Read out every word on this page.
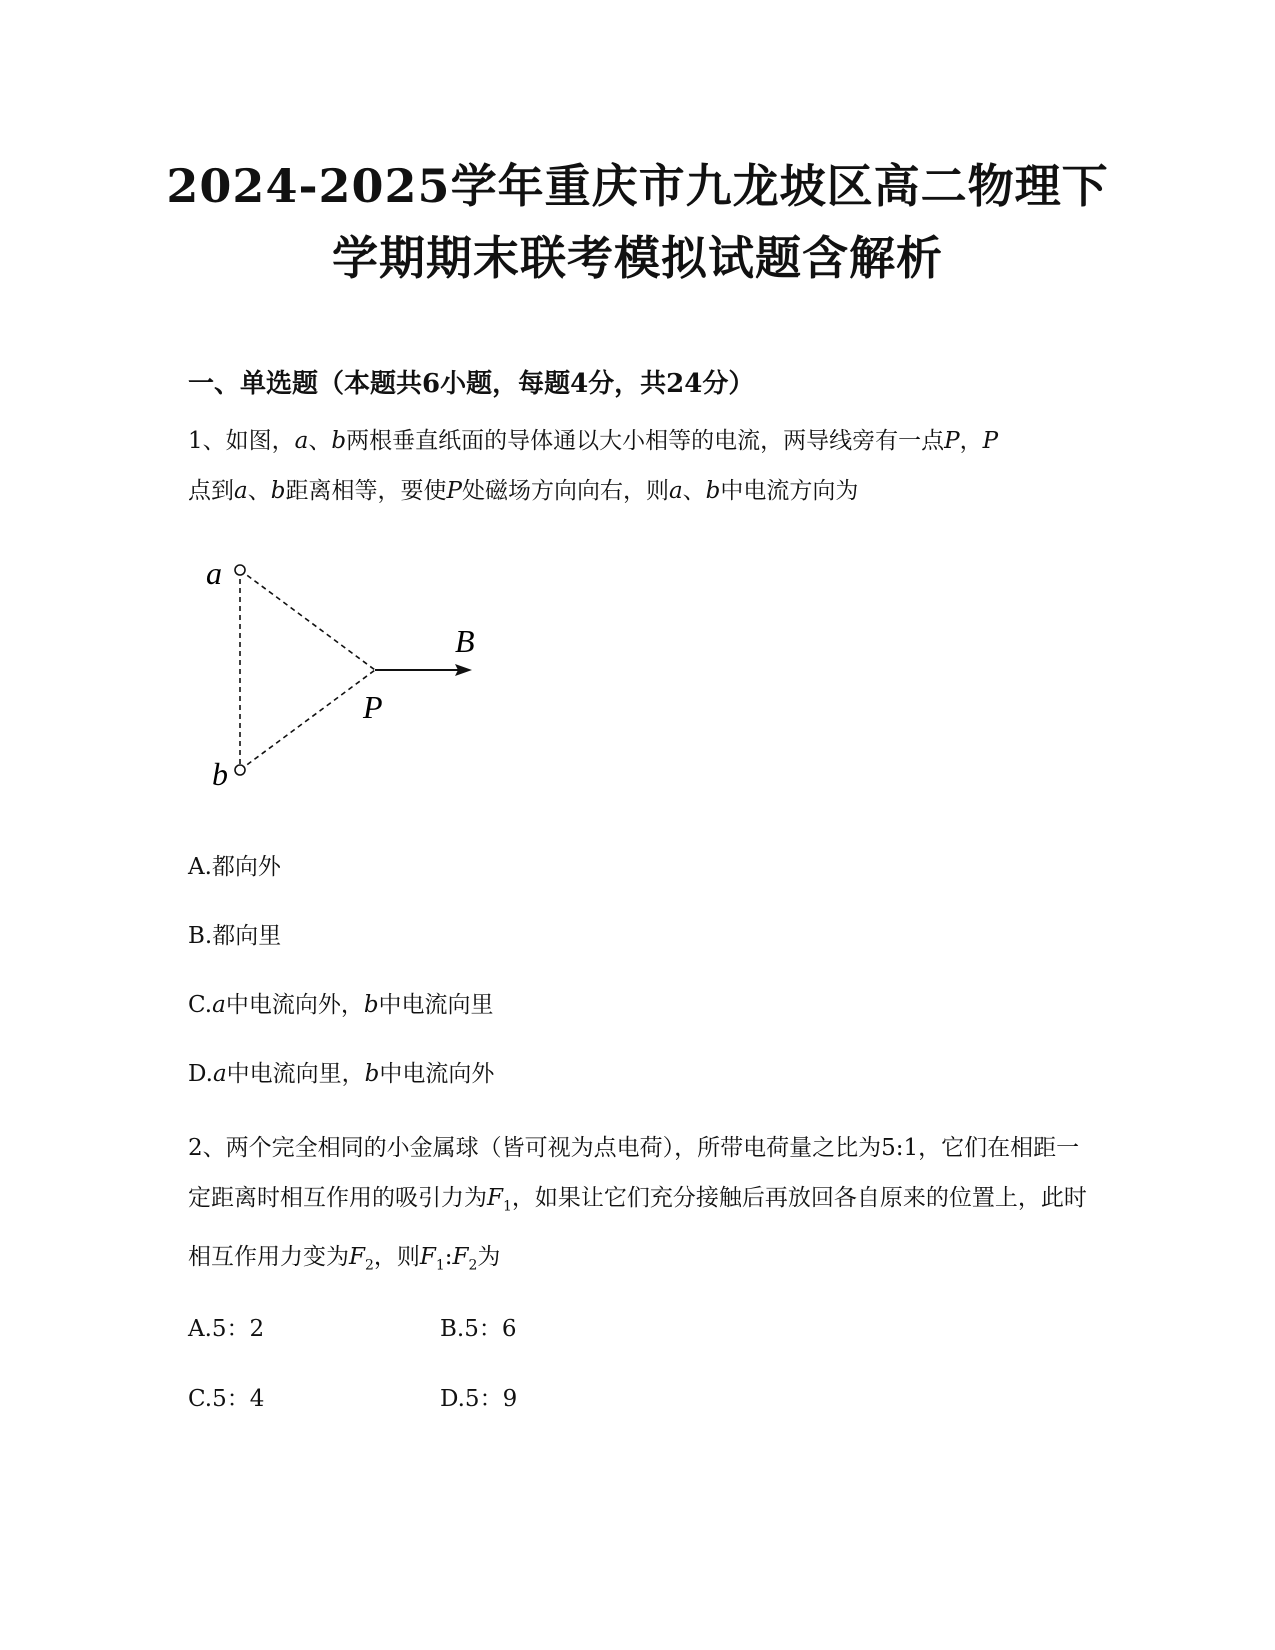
2024-2025学年重庆市九龙坡区高二物理下
学期期末联考模拟试题含解析
一、单选题（本题共6小题，每题4分，共24分）
1、如图，a、b两根垂直纸面的导体通以大小相等的电流，两导线旁有一点P，P
点到a、b距离相等，要使P处磁场方向向右，则a、b中电流方向为
a
b
P
B
A.都向外
B.都向里
C.a中电流向外，b中电流向里
D.a中电流向里，b中电流向外
2、两个完全相同的小金属球（皆可视为点电荷），所带电荷量之比为5:1，它们在相距一定距离时相互作用的吸引力为$F_1$，如果让它们充分接触后再放回各自原来的位置上，此时相互作用力变为$F_2$，则$F_1:F_2$为
A.5：2	B.5：6
C.5：4	D.5：9
